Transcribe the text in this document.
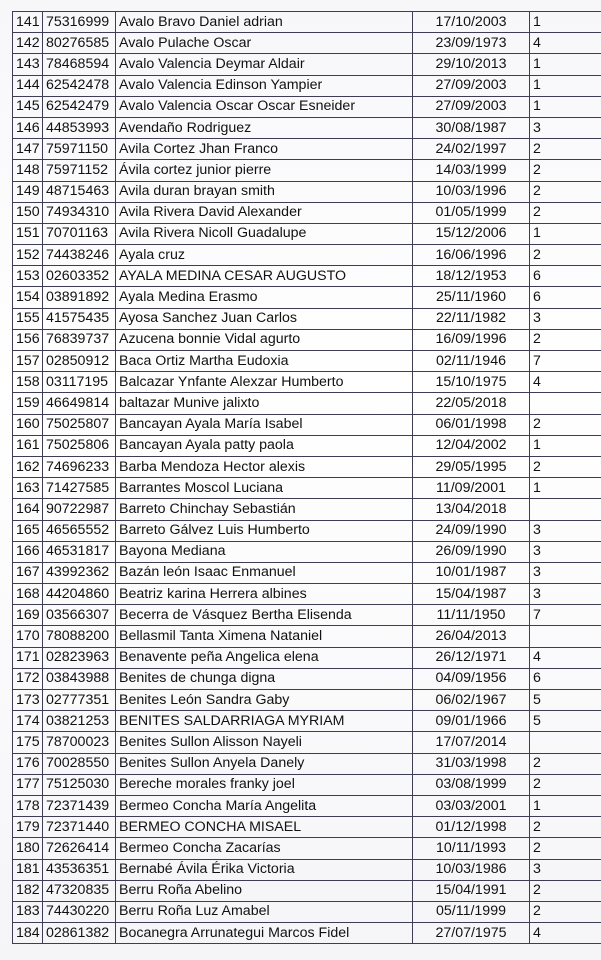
141	75316999	Avalo Bravo Daniel adrian	17/10/2003	1
142	80276585	Avalo Pulache Oscar	23/09/1973	4
143	78468594	Avalo Valencia Deymar Aldair	29/10/2013	1
144	62542478	Avalo Valencia Edinson Yampier	27/09/2003	1
145	62542479	Avalo Valencia Oscar Oscar Esneider	27/09/2003	1
146	44853993	Avendaño Rodriguez	30/08/1987	3
147	75971150	Avila Cortez Jhan Franco	24/02/1997	2
148	75971152	Ávila cortez junior pierre	14/03/1999	2
149	48715463	Avila duran brayan smith	10/03/1996	2
150	74934310	Avila Rivera David Alexander	01/05/1999	2
151	70701163	Avila Rivera Nicoll Guadalupe	15/12/2006	1
152	74438246	Ayala cruz	16/06/1996	2
153	02603352	AYALA MEDINA CESAR AUGUSTO	18/12/1953	6
154	03891892	Ayala Medina Erasmo	25/11/1960	6
155	41575435	Ayosa Sanchez Juan Carlos	22/11/1982	3
156	76839737	Azucena bonnie Vidal agurto	16/09/1996	2
157	02850912	Baca Ortiz Martha Eudoxia	02/11/1946	7
158	03117195	Balcazar Ynfante Alexzar Humberto	15/10/1975	4
159	46649814	baltazar Munive jalixto	22/05/2018	
160	75025807	Bancayan Ayala María Isabel	06/01/1998	2
161	75025806	Bancayan Ayala patty paola	12/04/2002	1
162	74696233	Barba Mendoza Hector alexis	29/05/1995	2
163	71427585	Barrantes Moscol Luciana	11/09/2001	1
164	90722987	Barreto Chinchay Sebastián	13/04/2018	
165	46565552	Barreto Gálvez Luis Humberto	24/09/1990	3
166	46531817	Bayona Mediana	26/09/1990	3
167	43992362	Bazán león Isaac Enmanuel	10/01/1987	3
168	44204860	Beatriz karina Herrera albines	15/04/1987	3
169	03566307	Becerra de Vásquez Bertha Elisenda	11/11/1950	7
170	78088200	Bellasmil Tanta Ximena Nataniel	26/04/2013	
171	02823963	Benavente peña Angelica elena	26/12/1971	4
172	03843988	Benites de chunga digna	04/09/1956	6
173	02777351	Benites León Sandra Gaby	06/02/1967	5
174	03821253	BENITES SALDARRIAGA MYRIAM	09/01/1966	5
175	78700023	Benites Sullon Alisson Nayeli	17/07/2014	
176	70028550	Benites Sullon Anyela Danely	31/03/1998	2
177	75125030	Bereche morales franky joel	03/08/1999	2
178	72371439	Bermeo Concha María Angelita	03/03/2001	1
179	72371440	BERMEO CONCHA MISAEL	01/12/1998	2
180	72626414	Bermeo Concha Zacarías	10/11/1993	2
181	43536351	Bernabé Ávila Érika Victoria	10/03/1986	3
182	47320835	Berru Roña Abelino	15/04/1991	2
183	74430220	Berru Roña Luz Amabel	05/11/1999	2
184	02861382	Bocanegra Arrunategui Marcos Fidel	27/07/1975	4
